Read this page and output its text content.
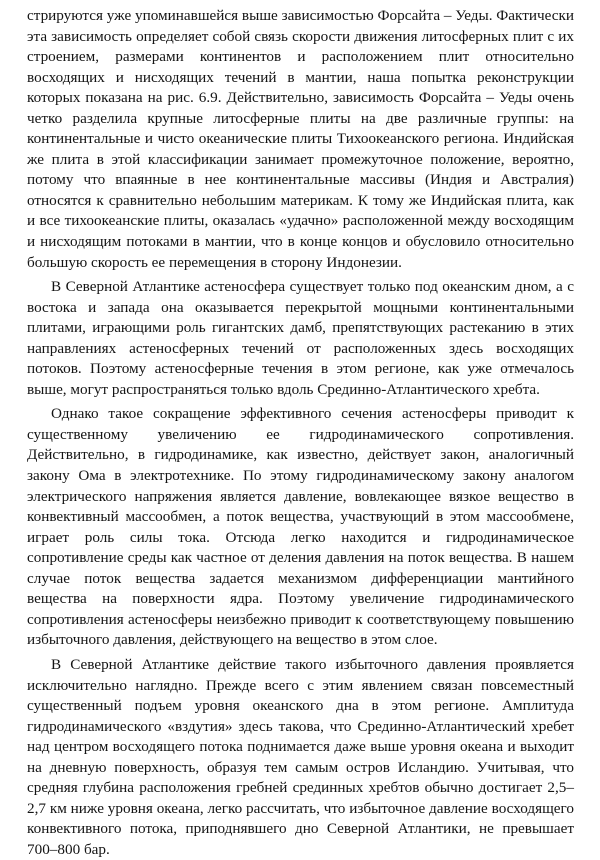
стрируются уже упоминавшейся выше зависимостью Форсайта – Уеды. Фактически эта зависимость определяет собой связь скорости движения литосферных плит с их строением, размерами континентов и расположением плит относительно восходящих и нисходящих течений в мантии, наша попытка реконструкции которых показана на рис. 6.9. Действительно, зависимость Форсайта – Уеды очень четко разделила крупные литосферные плиты на две различные группы: на континентальные и чисто океанические плиты Тихоокеанского региона. Индийская же плита в этой классификации занимает промежуточное положение, вероятно, потому что впаянные в нее континентальные массивы (Индия и Австралия) относятся к сравнительно небольшим материкам. К тому же Индийская плита, как и все тихоокеанские плиты, оказалась «удачно» расположенной между восходящим и нисходящим потоками в мантии, что в конце концов и обусловило относительно большую скорость ее перемещения в сторону Индонезии.

В Северной Атлантике астеносфера существует только под океанским дном, а с востока и запада она оказывается перекрытой мощными континентальными плитами, играющими роль гигантских дамб, препятствующих растеканию в этих направлениях астеносферных течений от расположенных здесь восходящих потоков. Поэтому астеносферные течения в этом регионе, как уже отмечалось выше, могут распространяться только вдоль Срединно-Атлантического хребта.

Однако такое сокращение эффективного сечения астеносферы приводит к существенному увеличению ее гидродинамического сопротивления. Действительно, в гидродинамике, как известно, действует закон, аналогичный закону Ома в электротехнике. По этому гидродинамическому закону аналогом электрического напряжения является давление, вовлекающее вязкое вещество в конвективный массообмен, а поток вещества, участвующий в этом массообмене, играет роль силы тока. Отсюда легко находится и гидродинамическое сопротивление среды как частное от деления давления на поток вещества. В нашем случае поток вещества задается механизмом дифференциации мантийного вещества на поверхности ядра. Поэтому увеличение гидродинамического сопротивления астеносферы неизбежно приводит к соответствующему повышению избыточного давления, действующего на вещество в этом слое.

В Северной Атлантике действие такого избыточного давления проявляется исключительно наглядно. Прежде всего с этим явлением связан повсеместный существенный подъем уровня океанского дна в этом регионе. Амплитуда гидродинамического «вздутия» здесь такова, что Срединно-Атлантический хребет над центром восходящего потока поднимается даже выше уровня океана и выходит на дневную поверхность, образуя тем самым остров Исландию. Учитывая, что средняя глубина расположения гребней срединных хребтов обычно достигает 2,5–2,7 км ниже уровня океана, легко рассчитать, что избыточное давление восходящего конвективного потока, приподнявшего дно Северной Атлантики, не превышает 700–800 бар.
